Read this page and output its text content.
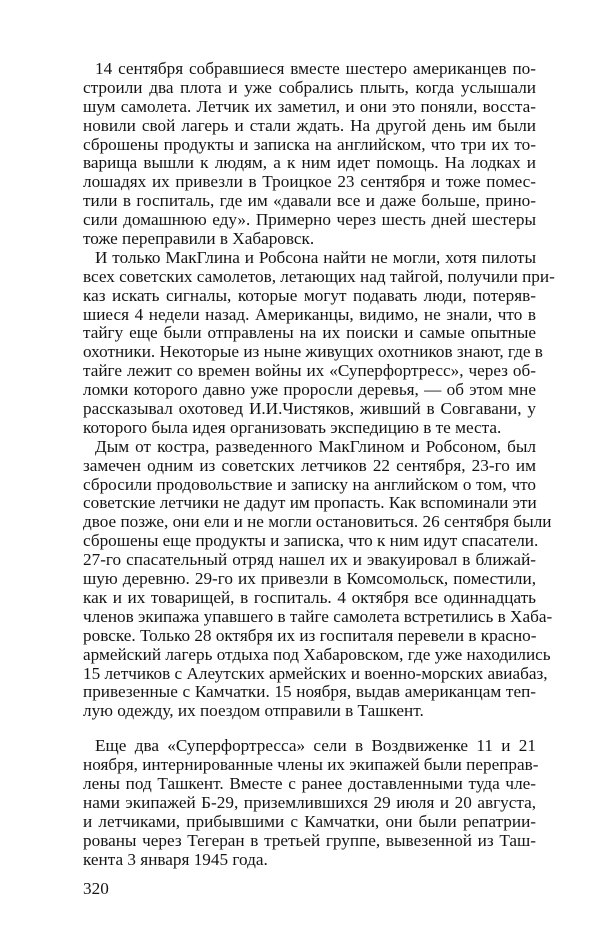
14 сентября собравшиеся вместе шестеро американцев по-
строили два плота и уже собрались плыть, когда услышали
шум самолета. Летчик их заметил, и они это поняли, восста-
новили свой лагерь и стали ждать. На другой день им были
сброшены продукты и записка на английском, что три их то-
варища вышли к людям, а к ним идет помощь. На лодках и
лошадях их привезли в Троицкое 23 сентября и тоже помес-
тили в госпиталь, где им «давали все и даже больше, прино-
сили домашнюю еду». Примерно через шесть дней шестеры
тоже переправили в Хабаровск.
И только МакГлина и Робсона найти не могли, хотя пилоты
всех советских самолетов, летающих над тайгой, получили при-
каз искать сигналы, которые могут подавать люди, потеряв-
шиеся 4 недели назад. Американцы, видимо, не знали, что в
тайгу еще были отправлены на их поиски и самые опытные
охотники. Некоторые из ныне живущих охотников знают, где в
тайге лежит со времен войны их «Суперфортресс», через об-
ломки которого давно уже проросли деревья, — об этом мне
рассказывал охотовед И.И.Чистяков, живший в Совгавани, у
которого была идея организовать экспедицию в те места.
Дым от костра, разведенного МакГлином и Робсоном, был
замечен одним из советских летчиков 22 сентября, 23-го им
сбросили продовольствие и записку на английском о том, что
советские летчики не дадут им пропасть. Как вспоминали эти
двое позже, они ели и не могли остановиться. 26 сентября были
сброшены еще продукты и записка, что к ним идут спасатели.
27-го спасательный отряд нашел их и эвакуировал в ближай-
шую деревню. 29-го их привезли в Комсомольск, поместили,
как и их товарищей, в госпиталь. 4 октября все одиннадцать
членов экипажа упавшего в тайге самолета встретились в Хаба-
ровске. Только 28 октября их из госпиталя перевели в красно-
армейский лагерь отдыха под Хабаровском, где уже находились
15 летчиков с Алеутских армейских и военно-морских авиабаз,
привезенные с Камчатки. 15 ноября, выдав американцам теп-
лую одежду, их поездом отправили в Ташкент.
Еще два «Суперфортресса» сели в Воздвиженке 11 и 21
ноября, интернированные члены их экипажей были переправ-
лены под Ташкент. Вместе с ранее доставленными туда чле-
нами экипажей Б-29, приземлившихся 29 июля и 20 августа,
и летчиками, прибывшими с Камчатки, они были репатрии-
рованы через Тегеран в третьей группе, вывезенной из Таш-
кента 3 января 1945 года.
320
